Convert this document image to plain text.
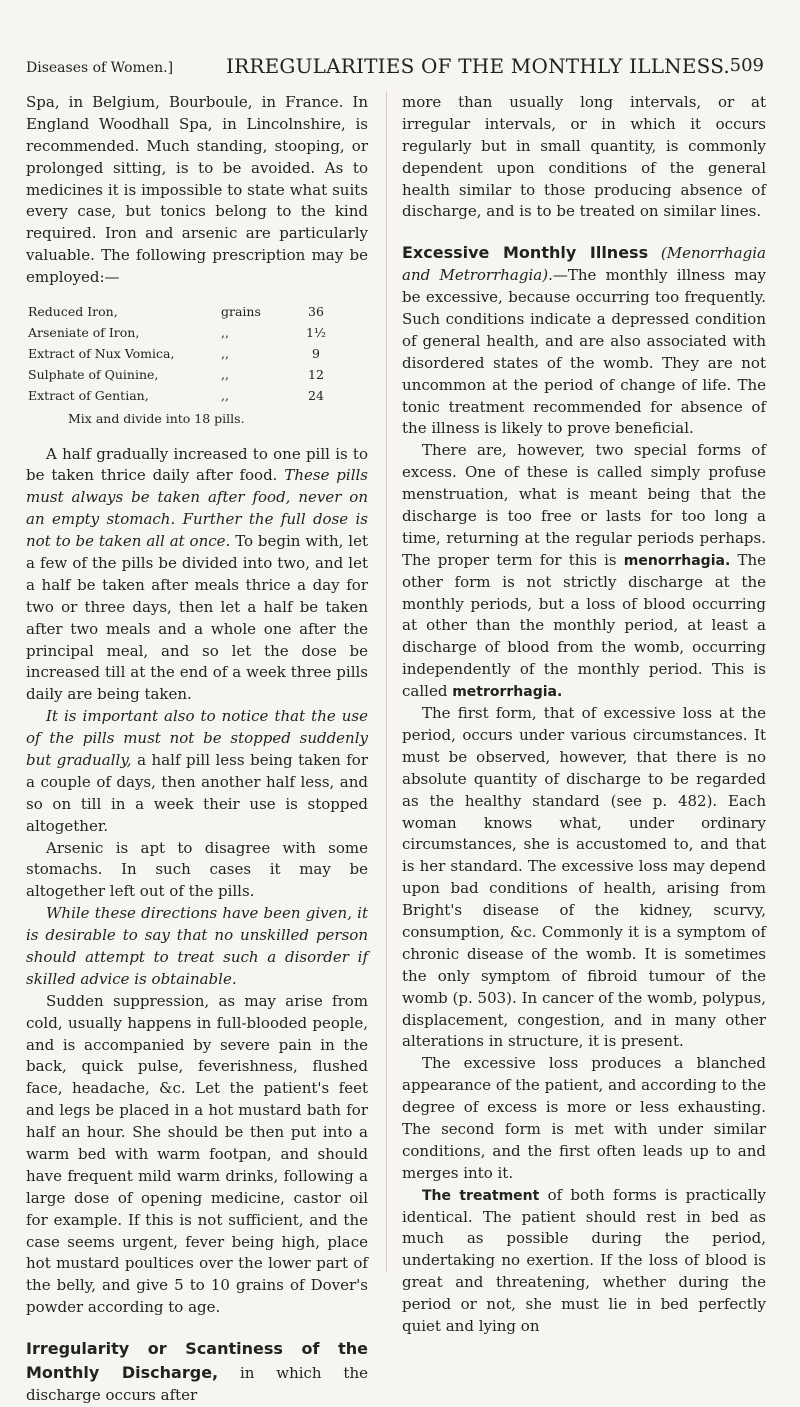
Diseases of Women.]	IRREGULARITIES OF THE MONTHLY ILLNESS. 509

Spa, in Belgium, Bourboule, in France. In England Woodhall Spa, in Lincolnshire, is recommended. Much standing, stooping, or prolonged sitting, is to be avoided. As to medicines it is impossible to state what suits every case, but tonics belong to the kind required. Iron and arsenic are particularly valuable. The following prescription may be employed:—

Reduced Iron,	grains	36
Arseniate of Iron,	,,	1½
Extract of Nux Vomica,	,,	9
Sulphate of Quinine,	,,	12
Extract of Gentian,	,,	24
Mix and divide into 18 pills.

A half gradually increased to one pill is to be taken thrice daily after food. These pills must always be taken after food, never on an empty stomach. Further the full dose is not to be taken all at once. To begin with, let a few of the pills be divided into two, and let a half be taken after meals thrice a day for two or three days, then let a half be taken after two meals and a whole one after the principal meal, and so let the dose be increased till at the end of a week three pills daily are being taken.

It is important also to notice that the use of the pills must not be stopped suddenly but gradually, a half pill less being taken for a couple of days, then another half less, and so on till in a week their use is stopped altogether.

Arsenic is apt to disagree with some stomachs. In such cases it may be altogether left out of the pills.

While these directions have been given, it is desirable to say that no unskilled person should attempt to treat such a disorder if skilled advice is obtainable.

Sudden suppression, as may arise from cold, usually happens in full-blooded people, and is accompanied by severe pain in the back, quick pulse, feverishness, flushed face, headache, &c. Let the patient's feet and legs be placed in a hot mustard bath for half an hour. She should be then put into a warm bed with warm footpan, and should have frequent mild warm drinks, following a large dose of opening medicine, castor oil for example. If this is not sufficient, and the case seems urgent, fever being high, place hot mustard poultices over the lower part of the belly, and give 5 to 10 grains of Dover's powder according to age.

Irregularity or Scantiness of the Monthly Discharge, in which the discharge occurs after

more than usually long intervals, or at irregular intervals, or in which it occurs regularly but in small quantity, is commonly dependent upon conditions of the general health similar to those producing absence of discharge, and is to be treated on similar lines.

Excessive Monthly Illness (Menorrhagia and Metrorrhagia).—The monthly illness may be excessive, because occurring too frequently. Such conditions indicate a depressed condition of general health, and are also associated with disordered states of the womb. They are not uncommon at the period of change of life. The tonic treatment recommended for absence of the illness is likely to prove beneficial.

There are, however, two special forms of excess. One of these is called simply profuse menstruation, what is meant being that the discharge is too free or lasts for too long a time, returning at the regular periods perhaps. The proper term for this is menorrhagia. The other form is not strictly discharge at the monthly periods, but a loss of blood occurring at other than the monthly period, at least a discharge of blood from the womb, occurring independently of the monthly period. This is called metrorrhagia.

The first form, that of excessive loss at the period, occurs under various circumstances. It must be observed, however, that there is no absolute quantity of discharge to be regarded as the healthy standard (see p. 482). Each woman knows what, under ordinary circumstances, she is accustomed to, and that is her standard. The excessive loss may depend upon bad conditions of health, arising from Bright's disease of the kidney, scurvy, consumption, &c. Commonly it is a symptom of chronic disease of the womb. It is sometimes the only symptom of fibroid tumour of the womb (p. 503). In cancer of the womb, polypus, displacement, congestion, and in many other alterations in structure, it is present.

The excessive loss produces a blanched appearance of the patient, and according to the degree of excess is more or less exhausting. The second form is met with under similar conditions, and the first often leads up to and merges into it.

The treatment of both forms is practically identical. The patient should rest in bed as much as possible during the period, undertaking no exertion. If the loss of blood is great and threatening, whether during the period or not, she must lie in bed perfectly quiet and lying on
